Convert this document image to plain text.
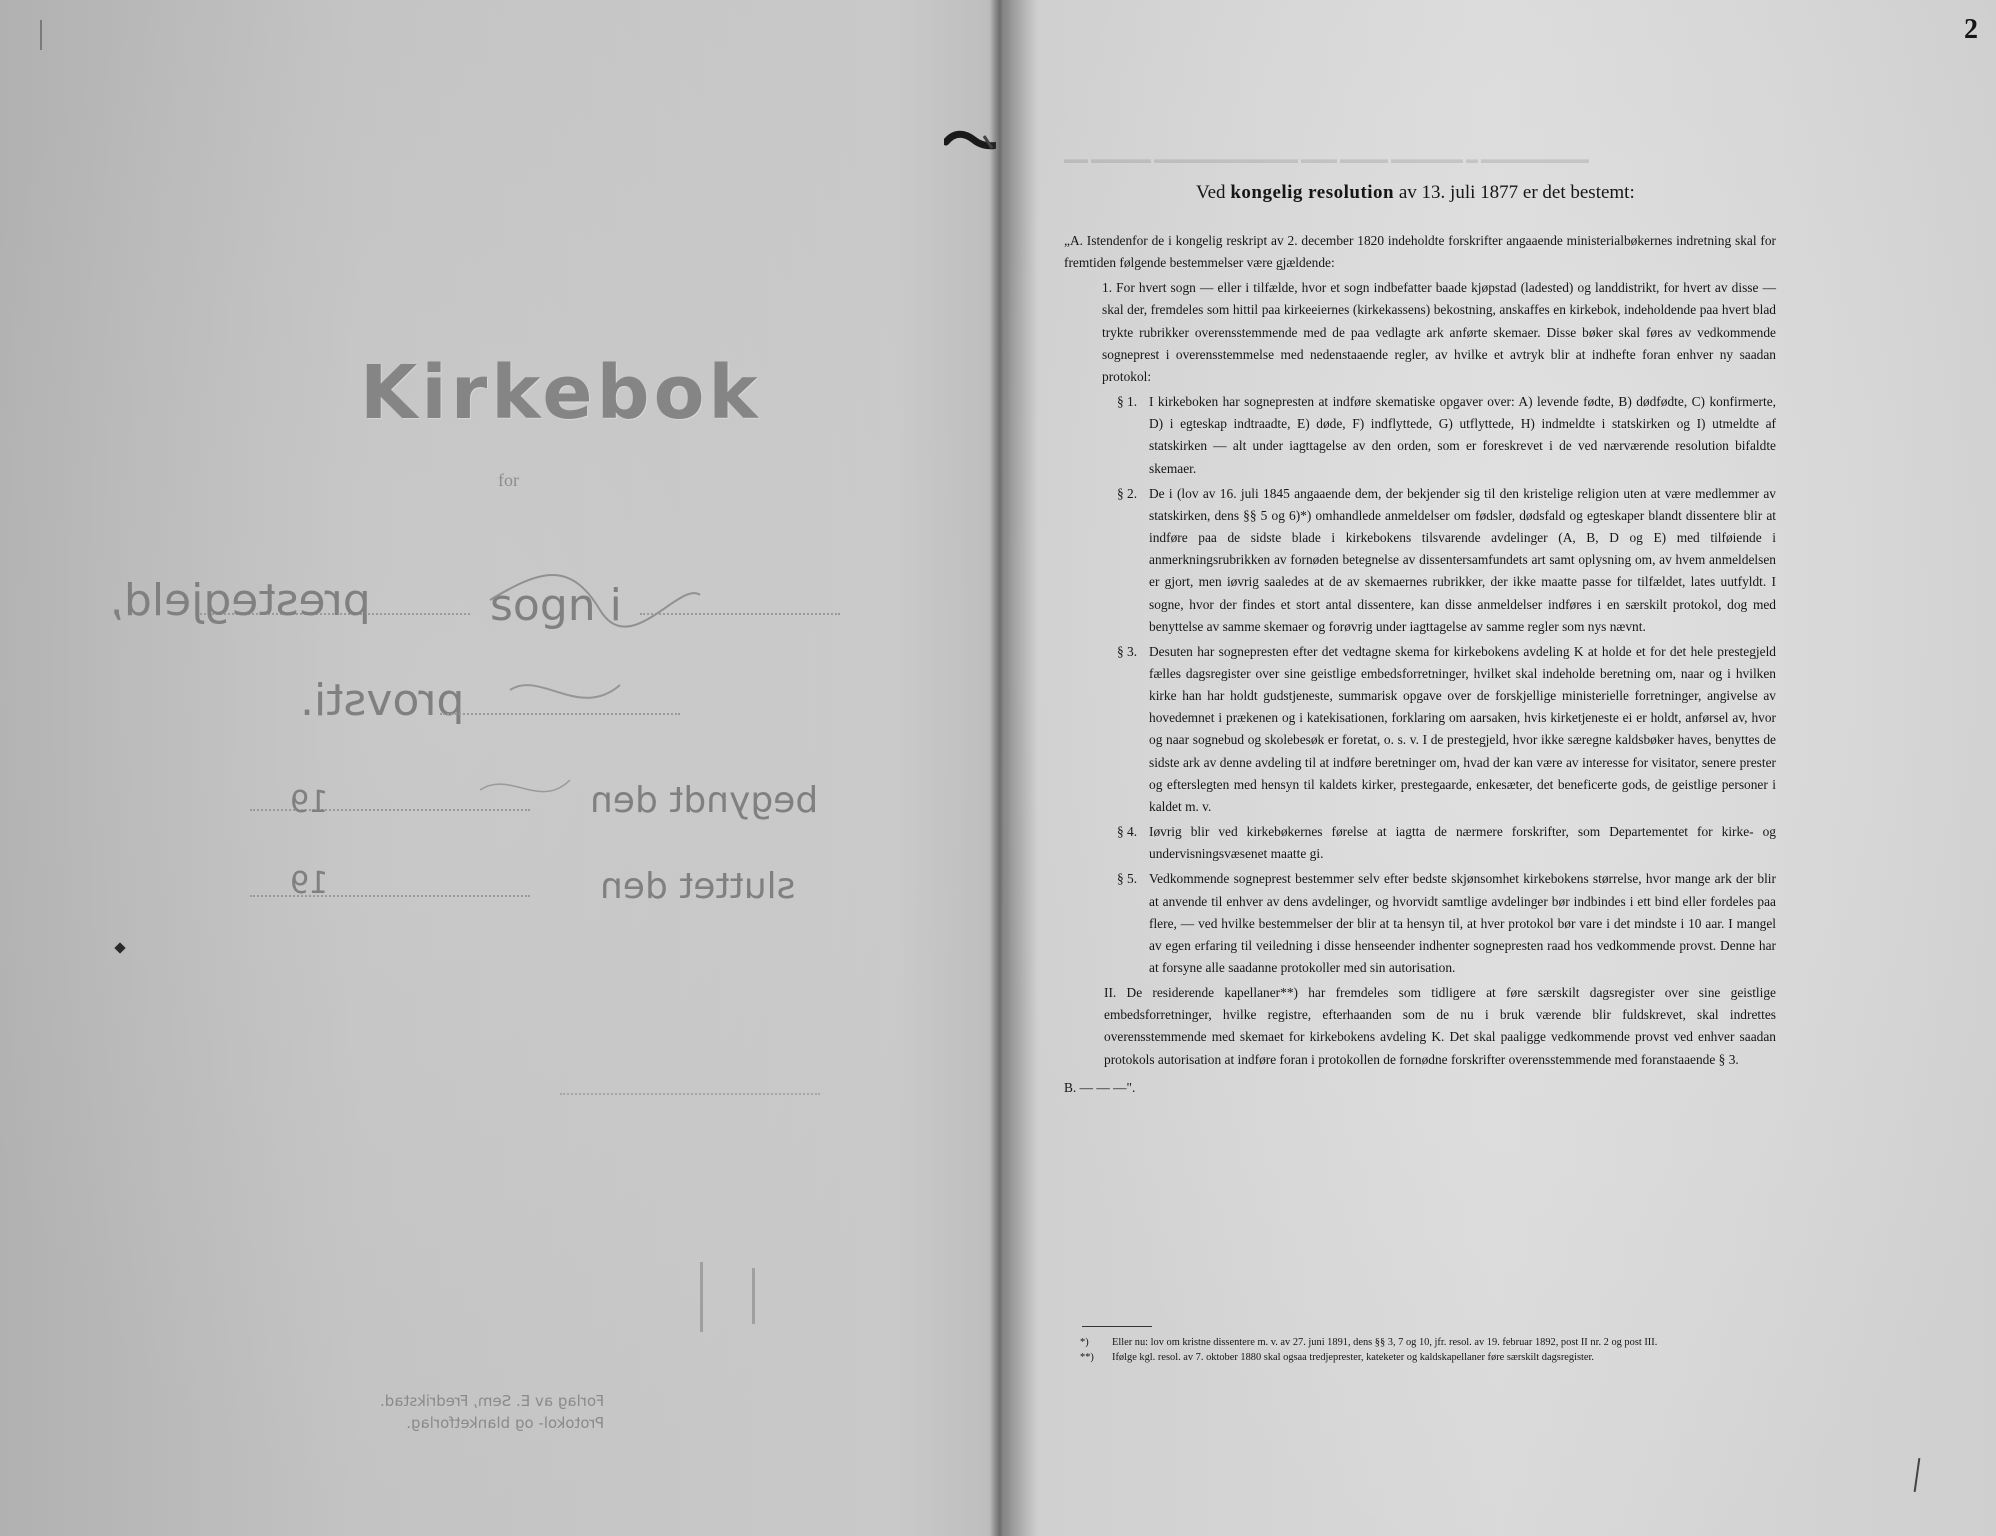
Kirkebok
for
sogn i
prestegjeld,
provsti.
begyndt den
19
sluttet den
19
Forlag av E. Sem, Fredrikstad.
Protokol- og blanketforlag.
2
▬▬ ▬▬▬▬▬ ▬▬▬▬▬▬▬▬▬▬▬▬ ▬▬▬ ▬▬▬▬ ▬▬▬▬▬▬ ▬ ▬▬▬▬▬▬▬▬▬
Ved kongelig resolution av 13. juli 1877 er det bestemt:

„A. Istendenfor de i kongelig reskript av 2. december 1820 indeholdte forskrifter angaaende ministerialbøkernes indretning skal for fremtiden følgende bestemmelser være gjældende:

1. For hvert sogn — eller i tilfælde, hvor et sogn indbefatter baade kjøpstad (ladested) og landdistrikt, for hvert av disse — skal der, fremdeles som hittil paa kirkeeiernes (kirkekassens) bekostning, anskaffes en kirkebok, indeholdende paa hvert blad trykte rubrikker overensstemmende med de paa vedlagte ark anførte skemaer. Disse bøker skal føres av vedkommende sogneprest i overensstemmelse med nedenstaaende regler, av hvilke et avtryk blir at indhefte foran enhver ny saadan protokol:

§ 1. I kirkeboken har sognepresten at indføre skematiske opgaver over: A) levende fødte, B) dødfødte, C) konfirmerte, D) i egteskap indtraadte, E) døde, F) indflyttede, G) utflyttede, H) indmeldte i statskirken og I) utmeldte af statskirken — alt under iagttagelse av den orden, som er foreskrevet i de ved nærværende resolution bifaldte skemaer.

§ 2. De i (lov av 16. juli 1845 angaaende dem, der bekjender sig til den kristelige religion uten at være medlemmer av statskirken, dens §§ 5 og 6)*) omhandlede anmeldelser om fødsler, dødsfald og egteskaper blandt dissentere blir at indføre paa de sidste blade i kirkebokens tilsvarende avdelinger (A, B, D og E) med tilføiende i anmerkningsrubrikken av fornøden betegnelse av dissentersamfundets art samt oplysning om, av hvem anmeldelsen er gjort, men iøvrig saaledes at de av skemaernes rubrikker, der ikke maatte passe for tilfældet, lates uutfyldt. I sogne, hvor der findes et stort antal dissentere, kan disse anmeldelser indføres i en særskilt protokol, dog med benyttelse av samme skemaer og forøvrig under iagttagelse av samme regler som nys nævnt.

§ 3. Desuten har sognepresten efter det vedtagne skema for kirkebokens avdeling K at holde et for det hele prestegjeld fælles dagsregister over sine geistlige embedsforretninger, hvilket skal indeholde beretning om, naar og i hvilken kirke han har holdt gudstjeneste, summarisk opgave over de forskjellige ministerielle forretninger, angivelse av hovedemnet i prækenen og i katekisationen, forklaring om aarsaken, hvis kirketjeneste ei er holdt, anførsel av, hvor og naar sognebud og skolebesøk er foretat, o. s. v. I de prestegjeld, hvor ikke særegne kaldsbøker haves, benyttes de sidste ark av denne avdeling til at indføre beretninger om, hvad der kan være av interesse for visitator, senere prester og efterslegten med hensyn til kaldets kirker, prestegaarde, enkesæter, det beneficerte gods, de geistlige personer i kaldet m. v.

§ 4. Iøvrig blir ved kirkebøkernes førelse at iagtta de nærmere forskrifter, som Departementet for kirke- og undervisningsvæsenet maatte gi.

§ 5. Vedkommende sogneprest bestemmer selv efter bedste skjønsomhet kirkebokens størrelse, hvor mange ark der blir at anvende til enhver av dens avdelinger, og hvorvidt samtlige avdelinger bør indbindes i ett bind eller fordeles paa flere, — ved hvilke bestemmelser der blir at ta hensyn til, at hver protokol bør vare i det mindste i 10 aar. I mangel av egen erfaring til veiledning i disse henseender indhenter sognepresten raad hos vedkommende provst. Denne har at forsyne alle saadanne protokoller med sin autorisation.

II. De residerende kapellaner**) har fremdeles som tidligere at føre særskilt dagsregister over sine geistlige embedsforretninger, hvilke registre, efterhaanden som de nu i bruk værende blir fuldskrevet, skal indrettes overensstemmende med skemaet for kirkebokens avdeling K. Det skal paaligge vedkommende provst ved enhver saadan protokols autorisation at indføre foran i protokollen de fornødne forskrifter overensstemmende med foranstaaende § 3.

B. — — —".

*) Eller nu: lov om kristne dissentere m. v. av 27. juni 1891, dens §§ 3, 7 og 10, jfr. resol. av 19. februar 1892, post II nr. 2 og post III.
**) Ifølge kgl. resol. av 7. oktober 1880 skal ogsaa tredjeprester, kateketer og kaldskapellaner føre særskilt dagsregister.
